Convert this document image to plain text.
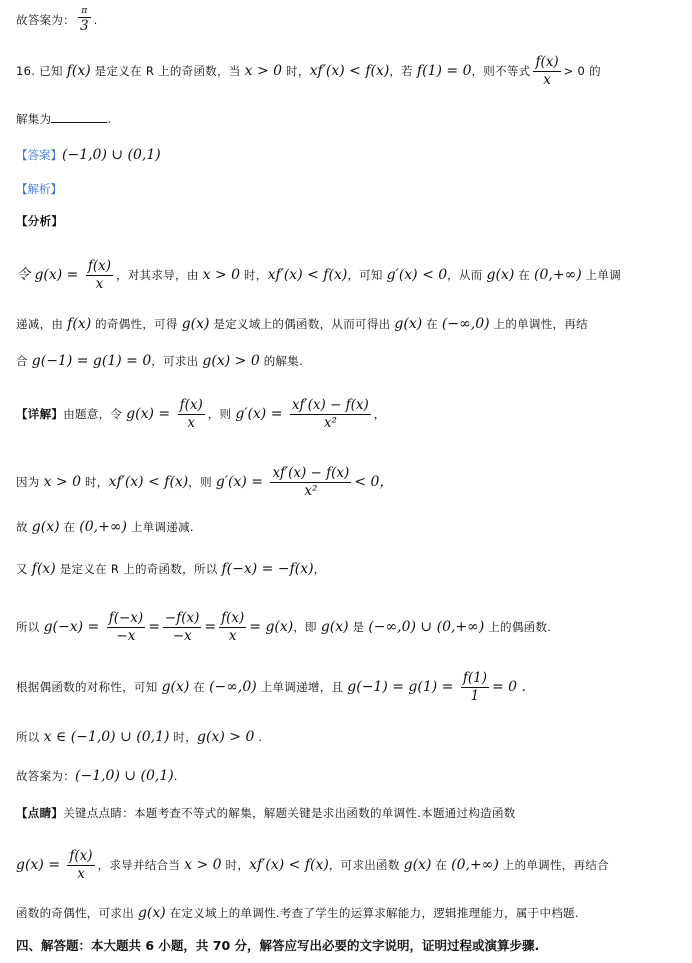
故答案为： $\frac{\pi}{3}$ .
16. 已知 f(x) 是定义在 R 上的奇函数，当 x > 0 时，xf′(x) < f(x)，若 f(1) = 0，则不等式 $\frac{f(x)}{x} > 0$ 的
解集为	.
【答案】(−1,0) ∪ (0,1)
【解析】
【分析】
令 $g(x) = \frac{f(x)}{x}$ ，对其求导，由 x > 0 时，xf′(x) < f(x)，可知 g′(x) < 0，从而 g(x) 在 (0,+∞) 上单调
递减，由 f(x) 的奇偶性，可得 g(x) 是定义域上的偶函数，从而可得出 g(x) 在 (−∞,0) 上的单调性，再结
合 g(−1) = g(1) = 0，可求出 g(x) > 0 的解集.
【详解】由题意，令 $g(x) = \frac{f(x)}{x}$ ，则 $g'(x) = \frac{xf'(x) - f(x)}{\text{x²}}$ ，
因为 x > 0 时，xf′(x) < f(x)，则 $g'(x) = \frac{xf'(x) - f(x)}{\text{x²}} < 0$，
故 g(x) 在 (0,+∞) 上单调递减.
又 f(x) 是定义在 R 上的奇函数，所以 f(−x) = −f(x)，
所以 $g(-x) = \frac{f(-x)}{-x} = \frac{-f(x)}{-x} = \frac{f(x)}{x} = g(x)$，即 g(x) 是 (−∞,0) ∪ (0,+∞) 上的偶函数.
根据偶函数的对称性，可知 g(x) 在 (−∞,0) 上单调递增，且 $g(-1) = g(1) = \frac{f(1)}{1} = 0$ .
所以 x ∈ (−1,0) ∪ (0,1) 时，g(x) > 0 .
故答案为：(−1,0) ∪ (0,1).
【点睛】关键点点睛：本题考查不等式的解集，解题关键是求出函数的单调性.本题通过构造函数
$g(x) = \frac{f(x)}{x}$ ，求导并结合当 x > 0 时，xf′(x) < f(x)，可求出函数 g(x) 在 (0,+∞) 上的单调性，再结合
函数的奇偶性，可求出 g(x) 在定义域上的单调性.考查了学生的运算求解能力，逻辑推理能力，属于中档题.
四、解答题：本大题共 6 小题，共 70 分，解答应写出必要的文字说明，证明过程或演算步骤.
